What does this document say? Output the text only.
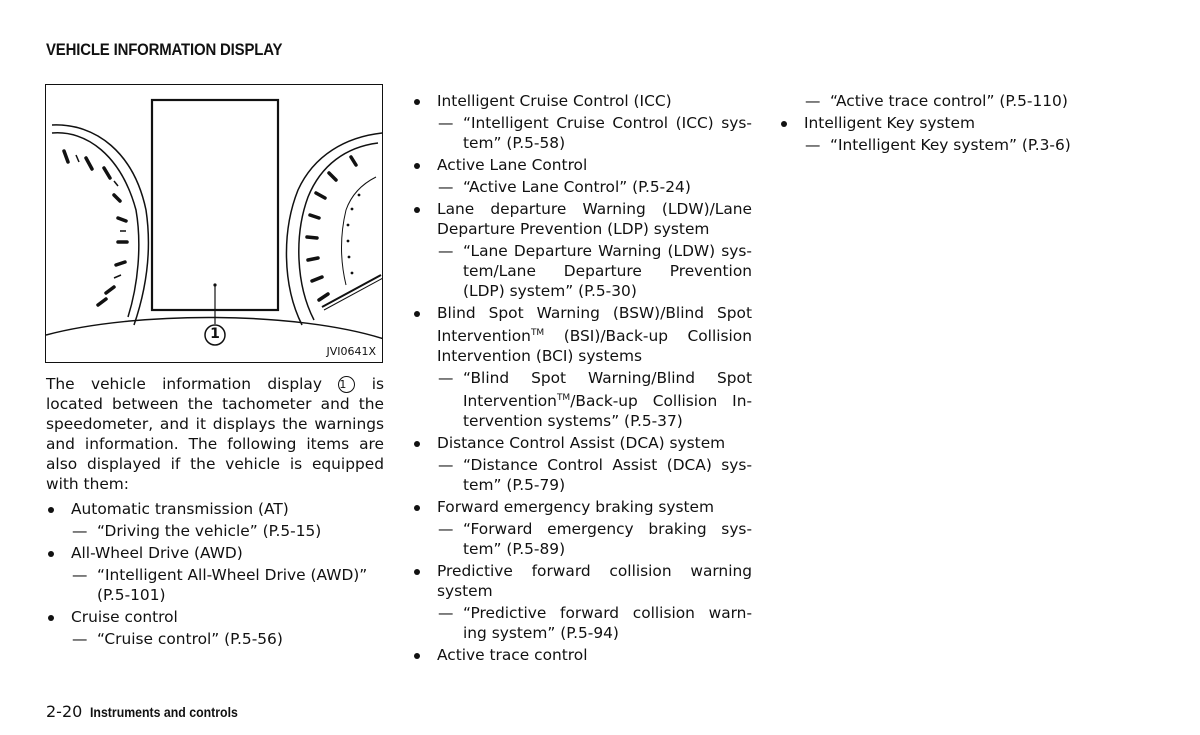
VEHICLE INFORMATION DISPLAY
1
JVI0641X

The vehicle information display 1 is located between the tachometer and the speedometer, and it displays the warnings and information. The following items are also displayed if the vehicle is equipped with them:

Automatic transmission (AT)

— “Driving the vehicle” (P.5-15)

All-Wheel Drive (AWD)

— “Intelligent All-Wheel Drive (AWD)”
(P.5-101)

Cruise control

— “Cruise control” (P.5-56)

Intelligent Cruise Control (ICC)

— “Intelligent Cruise Control (ICC) sys-
tem” (P.5-58)

Active Lane Control

— “Active Lane Control” (P.5-24)

Lane departure Warning (LDW)/Lane
Departure Prevention (LDP) system

— “Lane Departure Warning (LDW) sys-
tem/Lane Departure Prevention
(LDP) system” (P.5-30)

Blind Spot Warning (BSW)/Blind Spot
Intervention™ (BSI)/Back-up Collision
Intervention (BCI) systems

— “Blind Spot Warning/Blind Spot
Intervention™/Back-up Collision In-
tervention systems” (P.5-37)

Distance Control Assist (DCA) system

— “Distance Control Assist (DCA) sys-
tem” (P.5-79)

Forward emergency braking system

— “Forward emergency braking sys-
tem” (P.5-89)

Predictive forward collision warning
system

— “Predictive forward collision warn-
ing system” (P.5-94)

Active trace control

— “Active trace control” (P.5-110)

Intelligent Key system

— “Intelligent Key system” (P.3-6)

2-20 Instruments and controls
